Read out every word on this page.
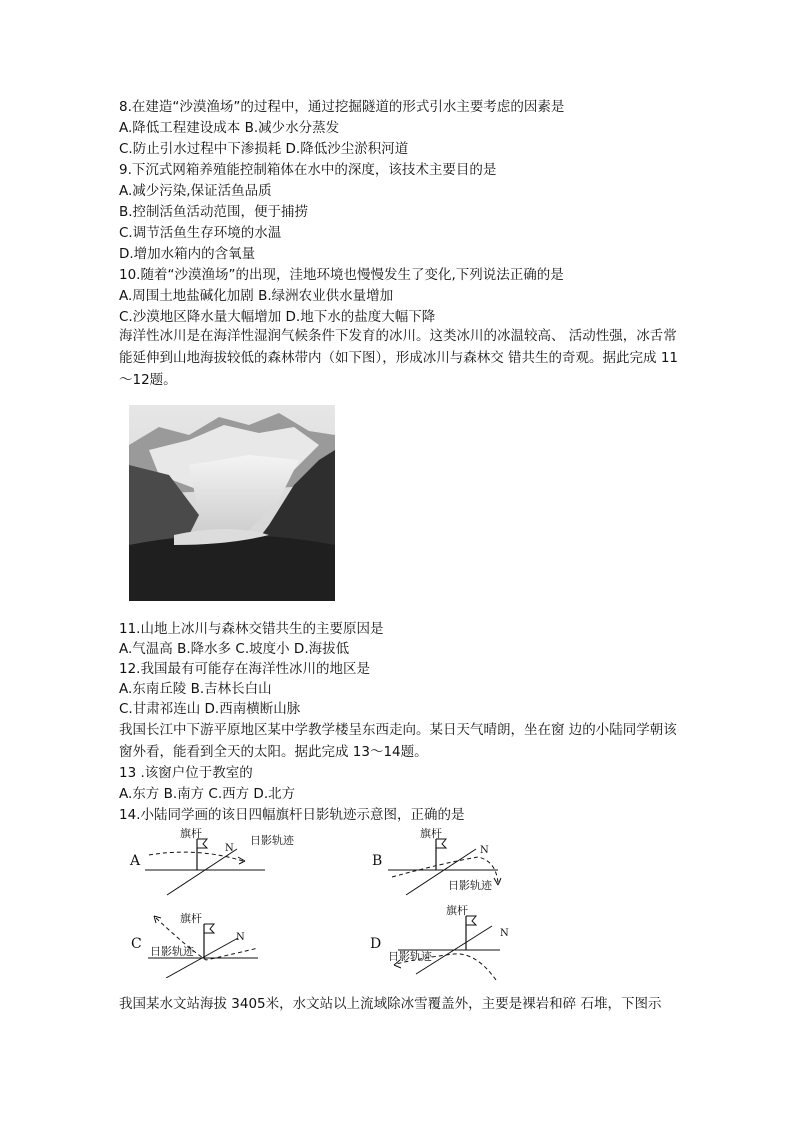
8.在建造“沙漠渔场”的过程中，通过挖掘隧道的形式引水主要考虑的因素是
A.降低工程建设成本 B.减少水分蒸发
C.防止引水过程中下渗损耗 D.降低沙尘淤积河道
9.下沉式网箱养殖能控制箱体在水中的深度，该技术主要目的是
A.减少污染,保证活鱼品质
B.控制活鱼活动范围，便于捕捞
C.调节活鱼生存环境的水温
D.增加水箱内的含氧量
10.随着“沙漠渔场”的出现，洼地环境也慢慢发生了变化,下列说法正确的是
A.周围土地盐碱化加剧 B.绿洲农业供水量增加
C.沙漠地区降水量大幅增加 D.地下水的盐度大幅下降
海洋性冰川是在海洋性湿润气候条件下发育的冰川。这类冰川的冰温较高、 活动性强，冰舌常能延伸到山地海拔较低的森林带内（如下图），形成冰川与森林交 错共生的奇观。据此完成 11～12题。
11.山地上冰川与森林交错共生的主要原因是
A.气温高 B.降水多 C.坡度小 D.海拔低
12.我国最有可能存在海洋性冰川的地区是
A.东南丘陵 B.吉林长白山
C.甘肃祁连山 D.西南横断山脉
我国长江中下游平原地区某中学教学楼呈东西走向。某日天气晴朗，坐在窗 边的小陆同学朝该窗外看，能看到全天的太阳。据此完成 13～14题。
13 .该窗户位于教室的
A.东方 B.南方 C.西方 D.北方
14.小陆同学画的该日四幅旗杆日影轨迹示意图，正确的是
A
旗杆
N
日影轨迹
B
旗杆
N
日影轨迹
C
旗杆
N
日影轨迹	D
旗杆
N
日影轨迹
我国某水文站海拔 3405米，水文站以上流域除冰雪覆盖外，主要是裸岩和碎 石堆，下图示
